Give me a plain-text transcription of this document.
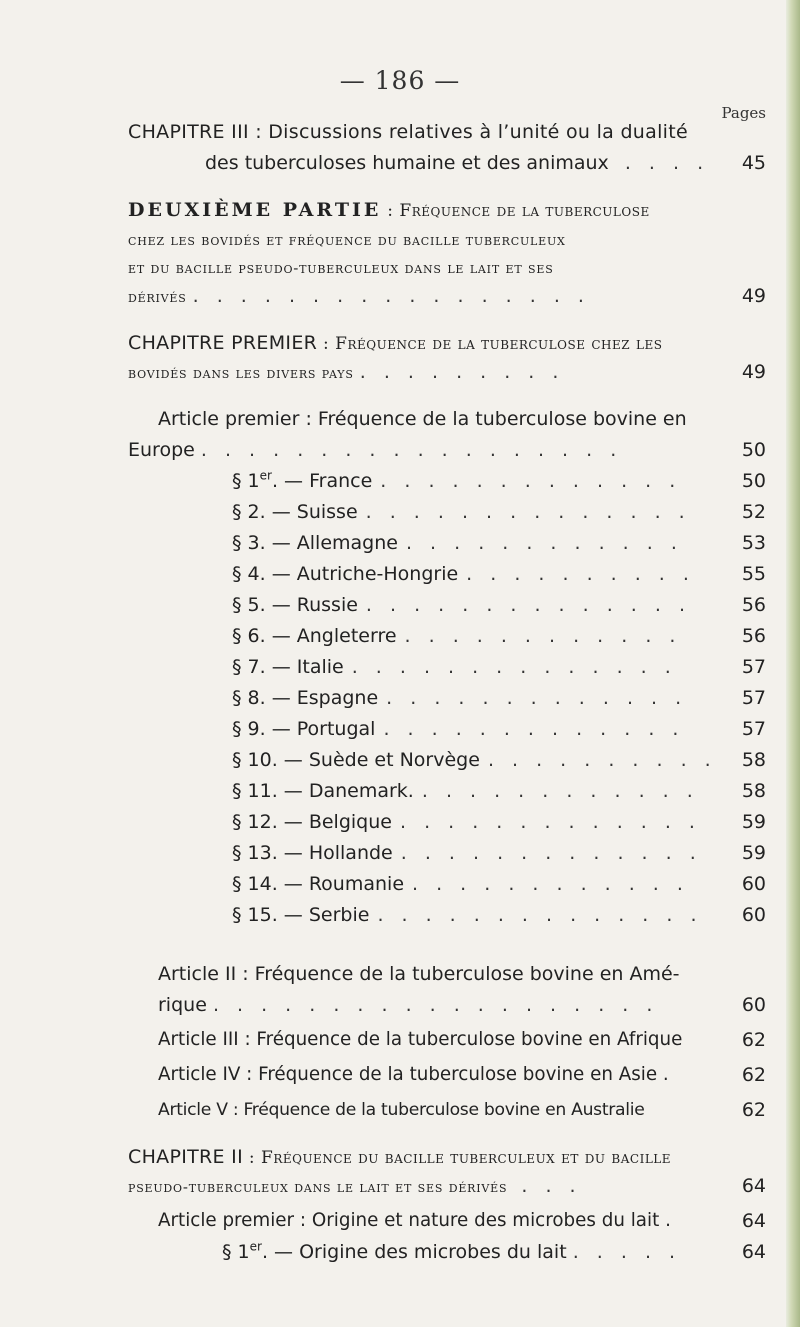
— 186 —
Pages
CHAPITRE III : Discussions relatives à l’unité ou la dualité
des tuberculoses humaine et des animaux . . . .	45
DEUXIÈME PARTIE : Fréquence de la tuberculose
chez les bovidés et fréquence du bacille tuberculeux
et du bacille pseudo-tuberculeux dans le lait et ses
dérivés . . . . . . . . . . . . . . . . .	49
CHAPITRE PREMIER : Fréquence de la tuberculose chez les
bovidés dans les divers pays . . . . . . . . .	49
Article premier : Fréquence de la tuberculose bovine en
Europe . . . . . . . . . . . . . . . . . .	50
§ 1er. — France . . . . . . . . . . . . .	50
§ 2. — Suisse . . . . . . . . . . . . . .	52
§ 3. — Allemagne . . . . . . . . . . . .	53
§ 4. — Autriche-Hongrie . . . . . . . . . .	55
§ 5. — Russie . . . . . . . . . . . . . .	56
§ 6. — Angleterre . . . . . . . . . . . .	56
§ 7. — Italie . . . . . . . . . . . . . .	57
§ 8. — Espagne . . . . . . . . . . . . .	57
§ 9. — Portugal . . . . . . . . . . . . .	57
§ 10. — Suède et Norvège . . . . . . . . . .	58
§ 11. — Danemark. . . . . . . . . . . . .	58
§ 12. — Belgique . . . . . . . . . . . . .	59
§ 13. — Hollande . . . . . . . . . . . . .	59
§ 14. — Roumanie . . . . . . . . . . . .	60
§ 15. — Serbie . . . . . . . . . . . . . .	60
Article II : Fréquence de la tuberculose bovine en Amé-
rique . . . . . . . . . . . . . . . . . . .	60
Article III : Fréquence de la tuberculose bovine en Afrique	62
Article IV : Fréquence de la tuberculose bovine en Asie .	62
Article V : Fréquence de la tuberculose bovine en Australie	62
CHAPITRE II : Fréquence du bacille tuberculeux et du bacille
pseudo-tuberculeux dans le lait et ses dérivés . . .	64
Article premier : Origine et nature des microbes du lait .	64
§ 1er. — Origine des microbes du lait . . . . .	64
